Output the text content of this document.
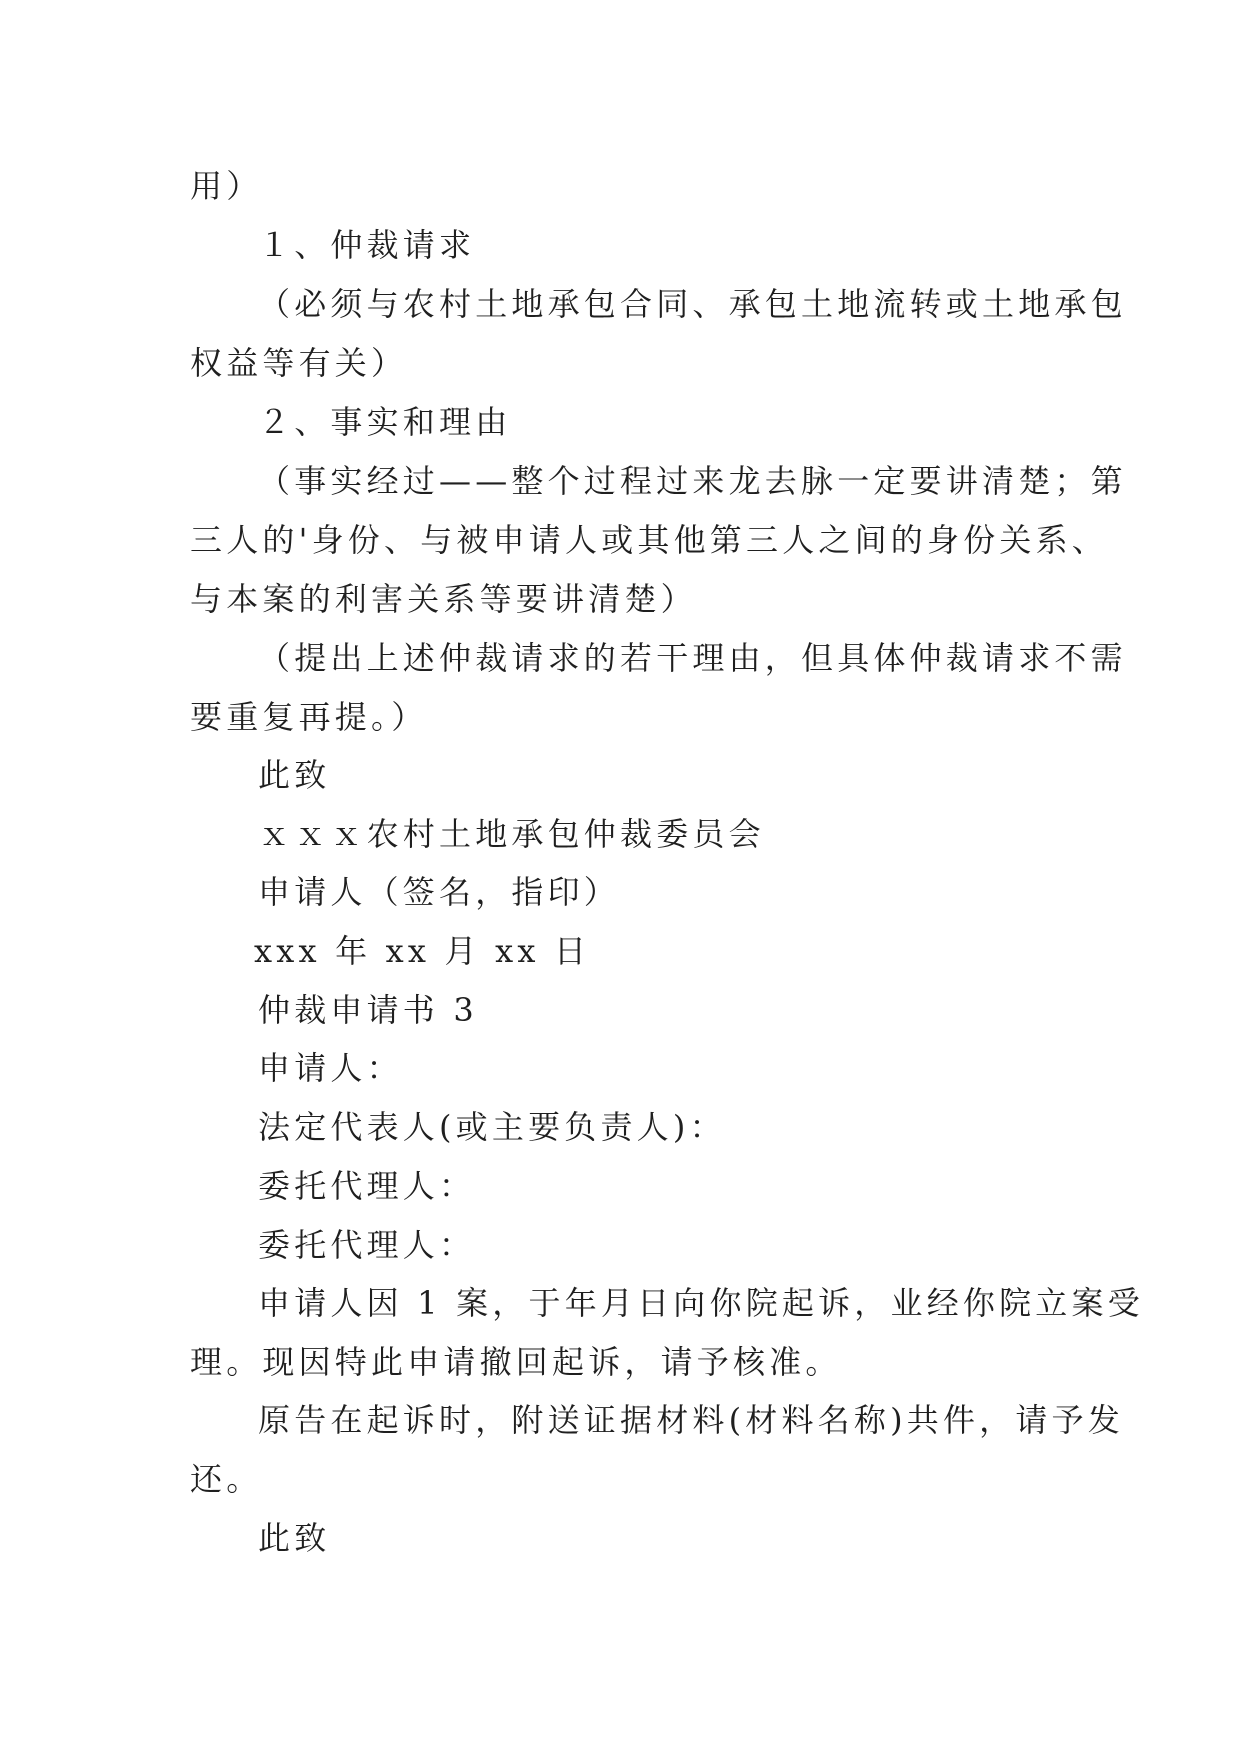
用）

１、仲裁请求

（必须与农村土地承包合同、承包土地流转或土地承包

权益等有关）

２、事实和理由

（事实经过——整个过程过来龙去脉一定要讲清楚；第

三人的'身份、与被申请人或其他第三人之间的身份关系、

与本案的利害关系等要讲清楚）

（提出上述仲裁请求的若干理由，但具体仲裁请求不需

要重复再提。）

此致

ｘｘｘ农村土地承包仲裁委员会

申请人（签名，指印）

xxx 年 xx 月 xx 日

仲裁申请书 3

申请人：

法定代表人(或主要负责人)：

委托代理人：

委托代理人：

申请人因 1 案，于年月日向你院起诉，业经你院立案受

理。现因特此申请撤回起诉，请予核准。

原告在起诉时，附送证据材料(材料名称)共件，请予发

还。

此致
